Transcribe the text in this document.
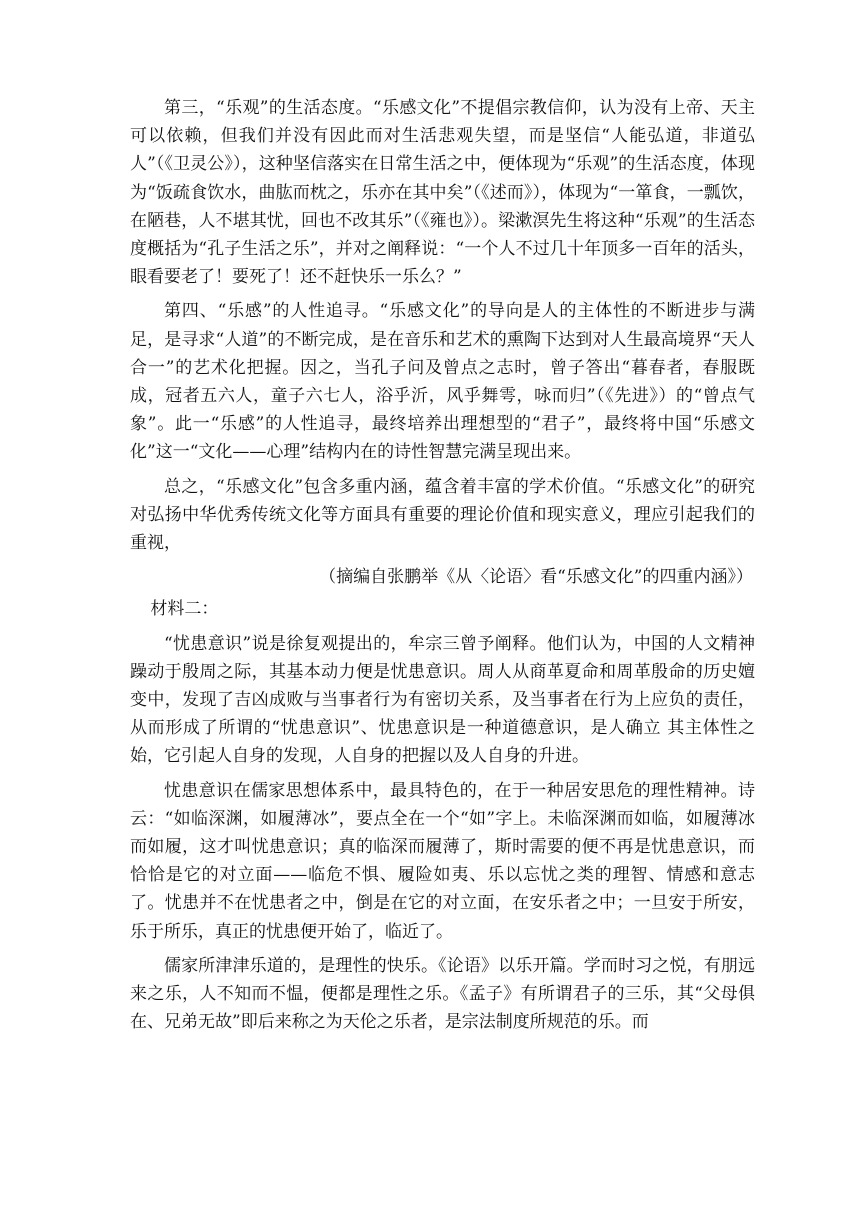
第三，“乐观”的生活态度。“乐感文化”不提倡宗教信仰，认为没有上帝、天主可以依赖，但我们并没有因此而对生活悲观失望，而是坚信“人能弘道，非道弘人”（《卫灵公》），这种坚信落实在日常生活之中，便体现为“乐观”的生活态度，体现为“饭疏食饮水，曲肱而枕之，乐亦在其中矣”（《述而》），体现为“一箪食，一瓢饮，在陋巷，人不堪其忧，回也不改其乐”（《雍也》）。梁漱溟先生将这种“乐观”的生活态度概括为“孔子生活之乐”，并对之阐释说：“一个人不过几十年顶多一百年的活头，眼看要老了！要死了！还不赶快乐一乐么？”

第四、“乐感”的人性追寻。“乐感文化”的导向是人的主体性的不断进步与满足，是寻求“人道”的不断完成，是在音乐和艺术的熏陶下达到对人生最高境界“天人合一”的艺术化把握。因之，当孔子问及曾点之志时，曾子答出“暮春者，春服既成，冠者五六人，童子六七人，浴乎沂，风乎舞雩，咏而归”（《先进》）的“曾点气象”。此一“乐感”的人性追寻，最终培养出理想型的“君子”，最终将中国“乐感文化”这一“文化——心理”结构内在的诗性智慧完满呈现出来。

总之，“乐感文化”包含多重内涵，蕴含着丰富的学术价值。“乐感文化”的研究对弘扬中华优秀传统文化等方面具有重要的理论价值和现实意义，理应引起我们的重视，

（摘编自张鹏举《从〈论语〉看“乐感文化”的四重内涵》）

材料二：

“忧患意识”说是徐复观提出的，牟宗三曾予阐释。他们认为，中国的人文精神躁动于殷周之际，其基本动力便是忧患意识。周人从商革夏命和周革殷命的历史嬗变中，发现了吉凶成败与当事者行为有密切关系，及当事者在行为上应负的责任，从而形成了所谓的“忧患意识”、忧患意识是一种道德意识，是人确立 其主体性之始，它引起人自身的发现，人自身的把握以及人自身的升进。

忧患意识在儒家思想体系中，最具特色的，在于一种居安思危的理性精神。诗云：“如临深渊，如履薄冰”，要点全在一个“如”字上。未临深渊而如临，如履薄冰而如履，这才叫忧患意识；真的临深而履薄了，斯时需要的便不再是忧患意识，而恰恰是它的对立面——临危不惧、履险如夷、乐以忘忧之类的理智、情感和意志了。忧患并不在忧患者之中，倒是在它的对立面，在安乐者之中；一旦安于所安，乐于所乐，真正的忧患便开始了，临近了。

儒家所津津乐道的，是理性的快乐。《论语》以乐开篇。学而时习之悦，有朋远来之乐，人不知而不愠，便都是理性之乐。《孟子》有所谓君子的三乐，其“父母俱在、兄弟无故”即后来称之为天伦之乐者，是宗法制度所规范的乐。而
